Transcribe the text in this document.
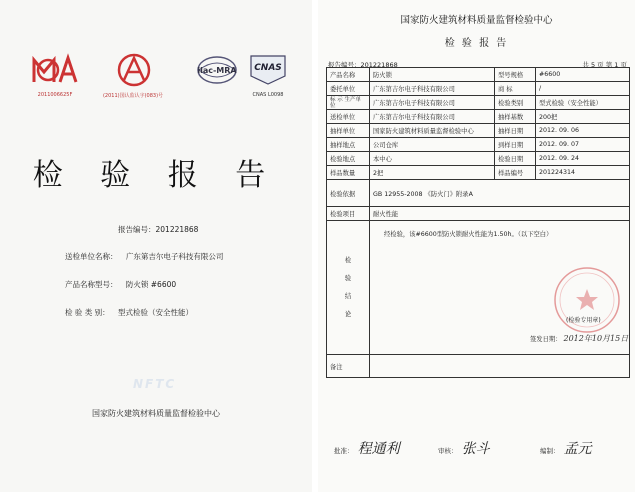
2011006625F	(2011)国认监认字(083)号
ilac-MRA CNAS
CNAS L0098
检 验 报 告
报告编号：201221868
送检单位名称： 广东第吉尔电子科技有限公司
产品名称型号： 防火锁 #6600
检 验 类 别： 型式检验（安全性能）
NFTC
国家防火建筑材料质量监督检验中心
国家防火建筑材料质量监督检验中心
检 验 报 告
报告编号：201221868	共 5 页 第 1 页
产品名称	防火锁	型号规格	#6600
委托单位	广东第吉尔电子科技有限公司	商 标	/
标 示 生产单位	广东第吉尔电子科技有限公司	检验类别	型式检验（安全性能）
送检单位	广东第吉尔电子科技有限公司	抽样基数	200把
抽样单位	国家防火建筑材料质量监督检验中心	抽样日期	2012. 09. 06
抽样地点	公司仓库	到样日期	2012. 09. 07
检验地点	本中心	检验日期	2012. 09. 24
样品数量	2把	样品编号	201224314
检验依据	GB 12955-2008 《防火门》附录A		
检验项目	耐火性能		

检验结论	经检验，该#6600型防火锁耐火性能为1.50h。（以下空白）
(检验专用章)
签发日期： 2012年10月15日		

备注			
批准： 程通利	审核： 张斗	编制： 孟元
